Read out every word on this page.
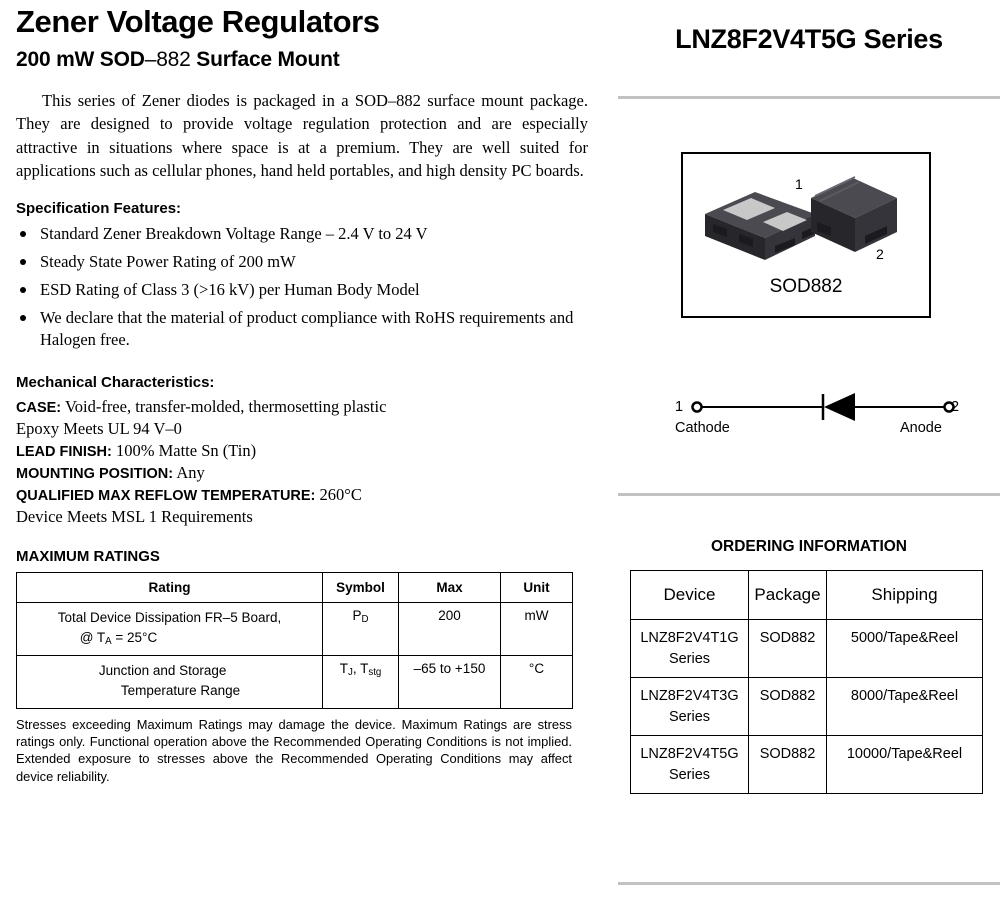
Zener Voltage Regulators
200 mW SOD–882 Surface Mount

This series of Zener diodes is packaged in a SOD–882 surface mount package. They are designed to provide voltage regulation protection and are especially attractive in situations where space is at a premium. They are well suited for applications such as cellular phones, hand held portables, and high density PC boards.

Specification Features:
Standard Zener Breakdown Voltage Range – 2.4 V to 24 V
Steady State Power Rating of 200 mW
ESD Rating of Class 3 (>16 kV) per Human Body Model
We declare that the material of product compliance with RoHS requirements and Halogen free.
Mechanical Characteristics:
CASE: Void-free, transfer-molded, thermosetting plastic
Epoxy Meets UL 94 V–0
LEAD FINISH: 100% Matte Sn (Tin)
MOUNTING POSITION: Any
QUALIFIED MAX REFLOW TEMPERATURE: 260°C
Device Meets MSL 1 Requirements
MAXIMUM RATINGS
Rating	Symbol	Max	Unit
Total Device Dissipation FR–5 Board,
@ $T_A = 25^\circ C$	$P_D$	200	mW
Junction and Storage
Temperature Range	$T_J$, $T_{stg}$	–65 to +150	°C

Stresses exceeding Maximum Ratings may damage the device. Maximum Ratings are stress ratings only. Functional operation above the Recommended Operating Conditions is not implied. Extended exposure to stresses above the Recommended Operating Conditions may affect device reliability.

LNZ8F2V4T5G Series
1
2
SOD882
1	2
Cathode	Anode
ORDERING INFORMATION
Device	Package	Shipping

LNZ8F2V4T1G
Series	SOD882	5000/Tape&Reel

LNZ8F2V4T3G
Series	SOD882	8000/Tape&Reel

LNZ8F2V4T5G
Series	SOD882	10000/Tape&Reel
